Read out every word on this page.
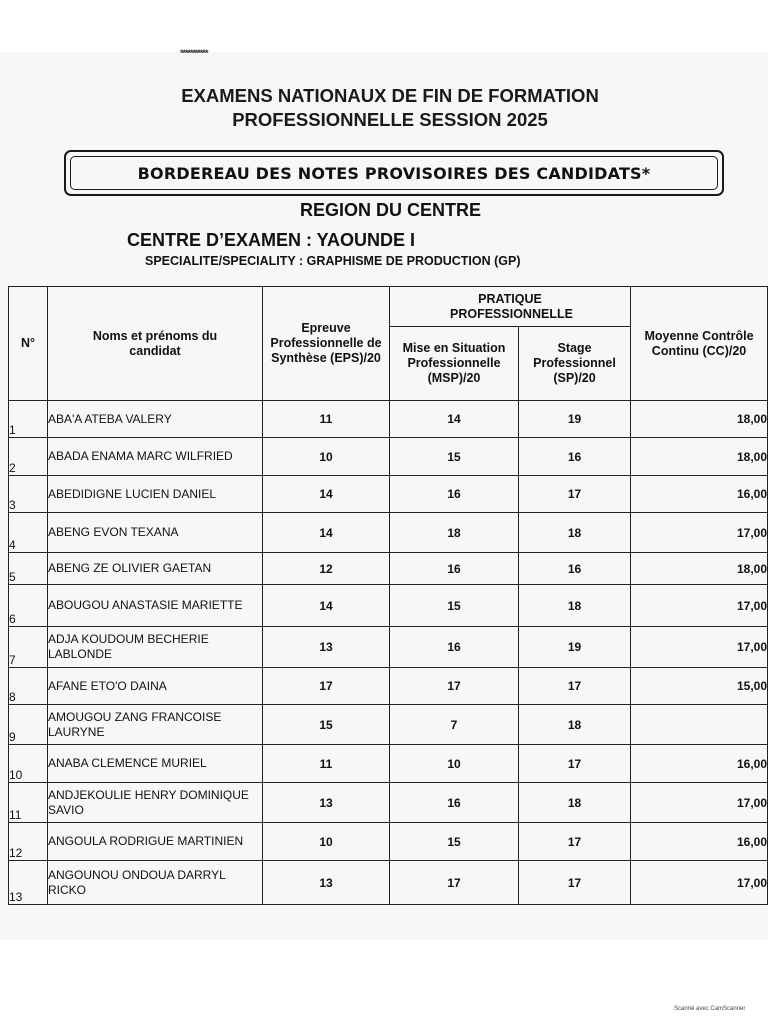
***********
EXAMENS NATIONAUX DE FIN DE FORMATION
PROFESSIONNELLE SESSION 2025
BORDEREAU DES NOTES PROVISOIRES DES CANDIDATS*
REGION DU CENTRE
CENTRE D’EXAMEN : YAOUNDE I
SPECIALITE/SPECIALITY : GRAPHISME DE PRODUCTION (GP)
N°	Noms et prénoms du candidat	Epreuve Professionnelle de Synthèse (EPS)/20	PRATIQUE PROFESSIONNELLE		Moyenne Contrôle Continu (CC)/20
			Mise en Situation Professionnelle (MSP)/20	Stage Professionnel (SP)/20	
1	ABA'A ATEBA VALERY	11	14	19	18,00
2	ABADA ENAMA MARC WILFRIED	10	15	16	18,00
3	ABEDIDIGNE LUCIEN DANIEL	14	16	17	16,00
4	ABENG EVON TEXANA	14	18	18	17,00
5	ABENG ZE OLIVIER GAETAN	12	16	16	18,00
6	ABOUGOU ANASTASIE MARIETTE	14	15	18	17,00
7	ADJA KOUDOUM BECHERIE LABLONDE	13	16	19	17,00
8	AFANE ETO'O DAINA	17	17	17	15,00
9	AMOUGOU ZANG FRANCOISE LAURYNE	15	7	18	
10	ANABA CLEMENCE MURIEL	11	10	17	16,00
11	ANDJEKOULIE HENRY DOMINIQUE SAVIO	13	16	18	17,00
12	ANGOULA RODRIGUE MARTINIEN	10	15	17	16,00
13	ANGOUNOU ONDOUA DARRYL RICKO	13	17	17	17,00
Scanné avec CamScanner
